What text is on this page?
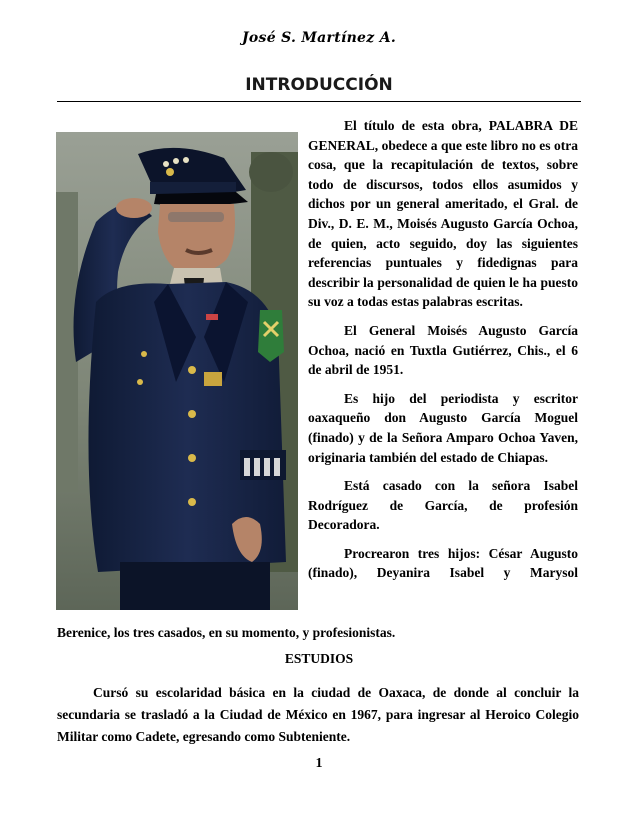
José S. Martínez A.
INTRODUCCIÓN

El título de esta obra, PALABRA DE GENERAL, obedece a que este libro no es otra cosa, que la recapitulación de textos, sobre todo de discursos, todos ellos asumidos y dichos por un general ameritado, el Gral. de Div., D. E. M., Moisés Augusto García Ochoa, de quien, acto seguido, doy las siguientes referencias puntuales y fidedignas para describir la personalidad de quien le ha puesto su voz a todas estas palabras escritas.

El General Moisés Augusto García Ochoa, nació en Tuxtla Gutiérrez, Chis., el 6 de abril de 1951.

Es hijo del periodista y escritor oaxaqueño don Augusto García Moguel (finado) y de la Señora Amparo Ochoa Yaven, originaria también del estado de Chiapas.

Está casado con la señora Isabel Rodríguez de García, de profesión Decoradora.

Procrearon tres hijos: César Augusto (finado), Deyanira Isabel y Marysol

Berenice, los tres casados, en su momento, y profesionistas.
ESTUDIOS

Cursó su escolaridad básica en la ciudad de Oaxaca, de donde al concluir la secundaria se trasladó a la Ciudad de México en 1967, para ingresar al Heroico Colegio Militar como Cadete, egresando como Subteniente.

1
